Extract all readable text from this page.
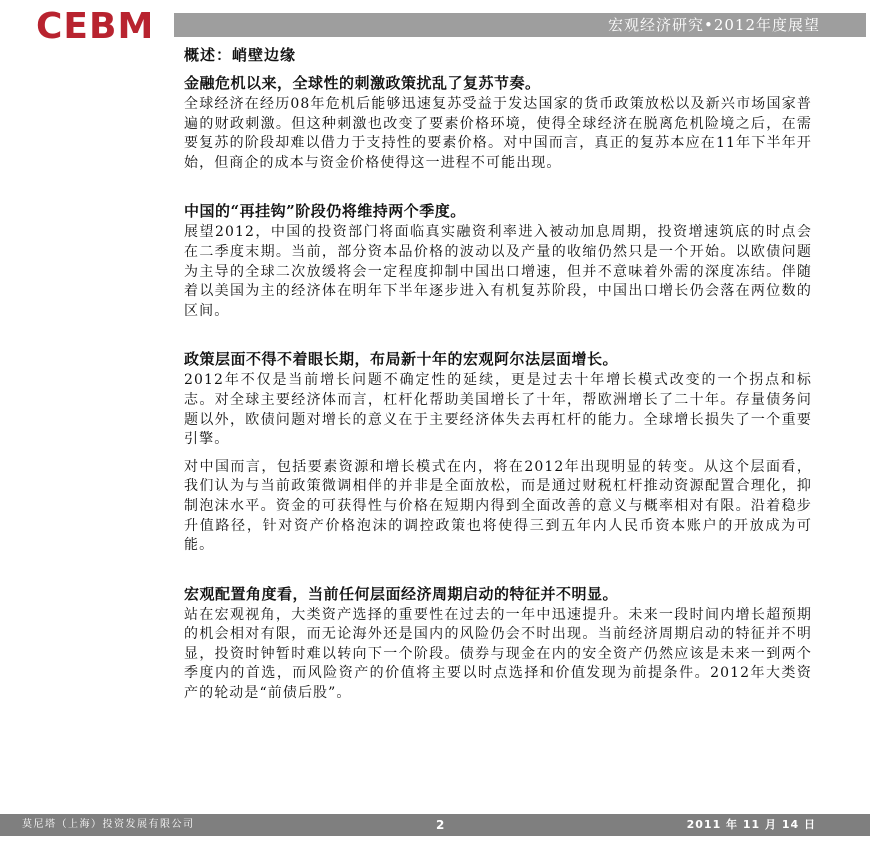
CEBM	宏观经济研究•2012年度展望
概述：峭壁边缘
金融危机以来，全球性的刺激政策扰乱了复苏节奏。

全球经济在经历08年危机后能够迅速复苏受益于发达国家的货币政策放松以及新兴市场国家普遍的财政刺激。但这种刺激也改变了要素价格环境，使得全球经济在脱离危机险境之后，在需要复苏的阶段却难以借力于支持性的要素价格。对中国而言，真正的复苏本应在11年下半年开始，但商企的成本与资金价格使得这一进程不可能出现。

中国的“再挂钩”阶段仍将维持两个季度。

展望2012，中国的投资部门将面临真实融资利率进入被动加息周期，投资增速筑底的时点会在二季度末期。当前，部分资本品价格的波动以及产量的收缩仍然只是一个开始。以欧债问题为主导的全球二次放缓将会一定程度抑制中国出口增速，但并不意味着外需的深度冻结。伴随着以美国为主的经济体在明年下半年逐步进入有机复苏阶段，中国出口增长仍会落在两位数的区间。

政策层面不得不着眼长期，布局新十年的宏观阿尔法层面增长。

2012年不仅是当前增长问题不确定性的延续，更是过去十年增长模式改变的一个拐点和标志。对全球主要经济体而言，杠杆化帮助美国增长了十年，帮欧洲增长了二十年。存量债务问题以外，欧债问题对增长的意义在于主要经济体失去再杠杆的能力。全球增长损失了一个重要引擎。

对中国而言，包括要素资源和增长模式在内，将在2012年出现明显的转变。从这个层面看，我们认为与当前政策微调相伴的并非是全面放松，而是通过财税杠杆推动资源配置合理化，抑制泡沫水平。资金的可获得性与价格在短期内得到全面改善的意义与概率相对有限。沿着稳步升值路径，针对资产价格泡沫的调控政策也将使得三到五年内人民币资本账户的开放成为可能。

宏观配置角度看，当前任何层面经济周期启动的特征并不明显。

站在宏观视角，大类资产选择的重要性在过去的一年中迅速提升。未来一段时间内增长超预期的机会相对有限，而无论海外还是国内的风险仍会不时出现。当前经济周期启动的特征并不明显，投资时钟暂时难以转向下一个阶段。债券与现金在内的安全资产仍然应该是未来一到两个季度内的首选，而风险资产的价值将主要以时点选择和价值发现为前提条件。2012年大类资产的轮动是“前债后股”。

莫尼塔（上海）投资发展有限公司	2	2011 年 11 月 14 日
